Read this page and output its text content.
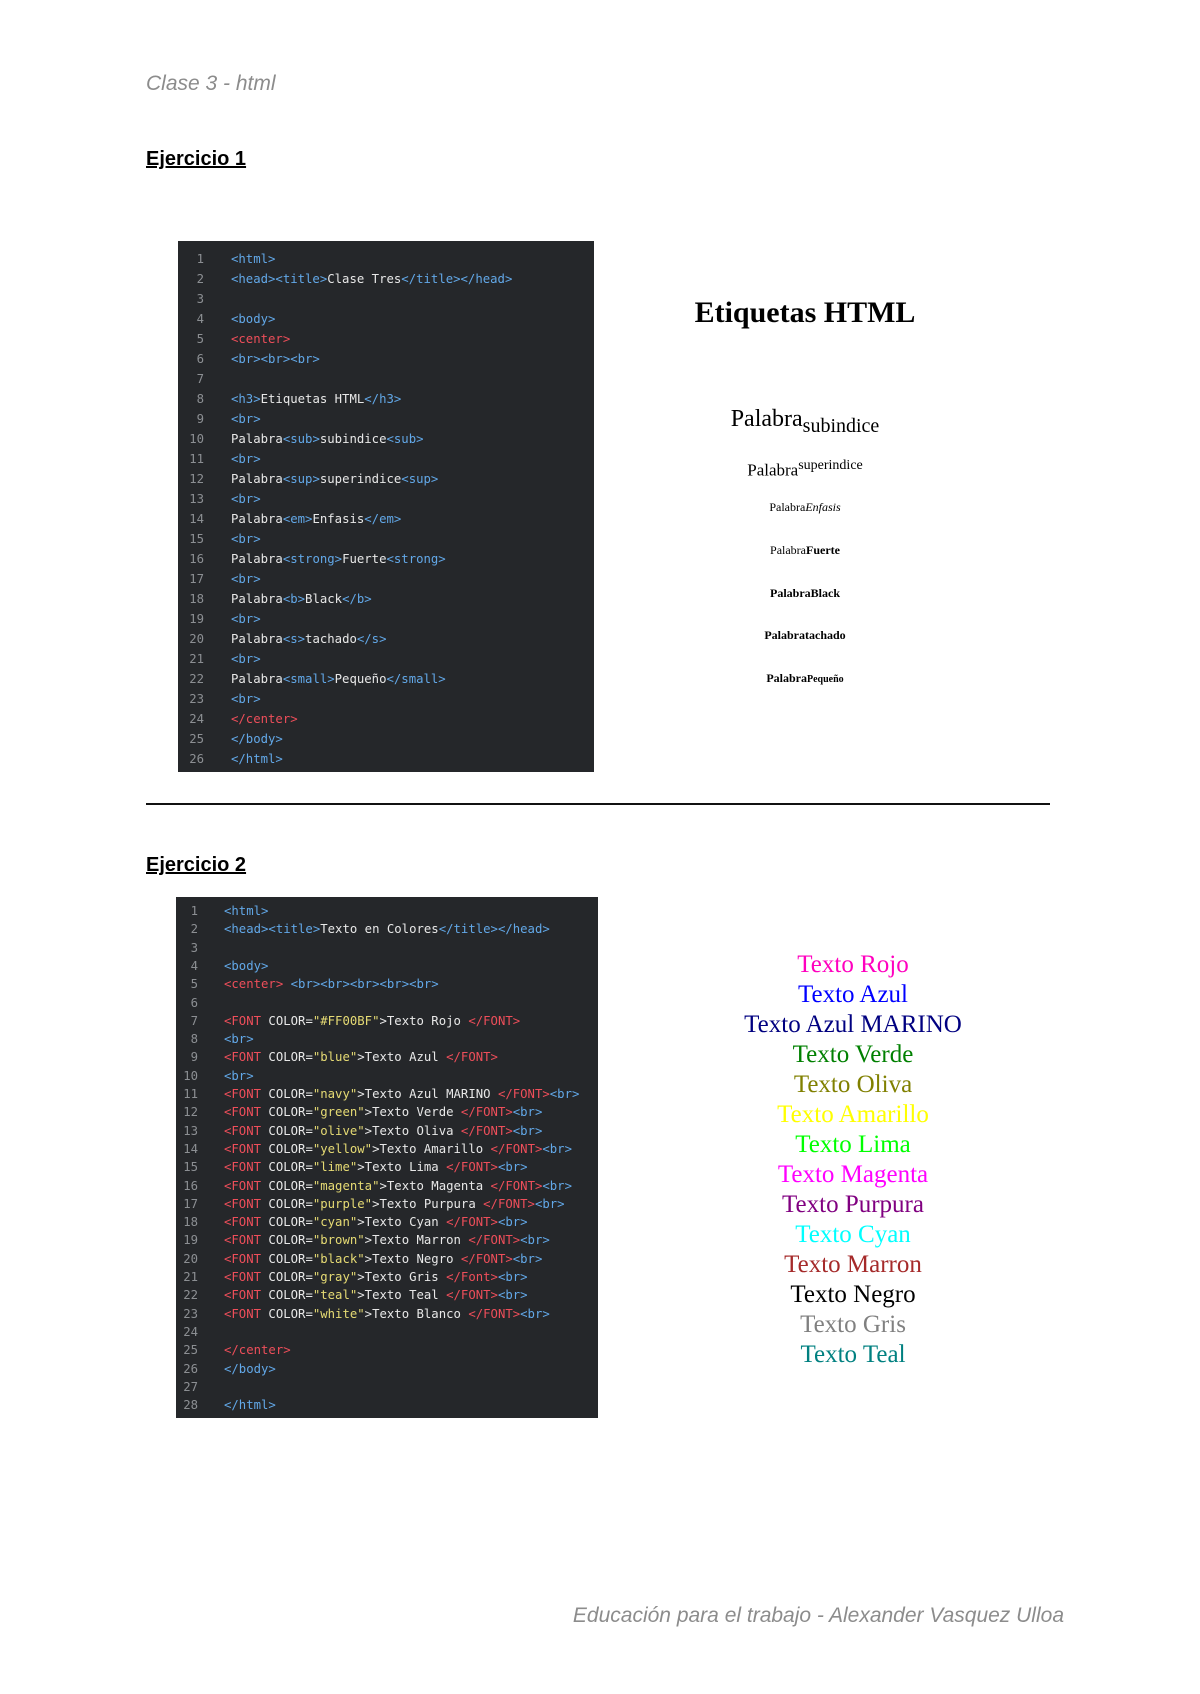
Clase 3 - html
Ejercicio 1
1 <html>
2 <head><title>Clase Tres</title></head>
3
4 <body>
5 <center>
6 <br><br><br>
7
8 <h3>Etiquetas HTML</h3>
9 <br>
10 Palabra<sub>subindice<sub>
11 <br>
12 Palabra<sup>superindice<sup>
13 <br>
14 Palabra<em>Enfasis</em>
15 <br>
16 Palabra<strong>Fuerte<strong>
17 <br>
18 Palabra<b>Black</b>
19 <br>
20 Palabra<s>tachado</s>
21 <br>
22 Palabra<small>Pequeño</small>
23 <br>
24 </center>
25 </body>
26 </html>
Etiquetas HTML
Palabra$_{subindice}$
Palabra$^{superindice}$
PalabraEnfasis
PalabraFuerte
PalabraBlack
Palabratachado
PalabraPequeño
Ejercicio 2
1 <html>
2 <head><title>Texto en Colores</title></head>
3
4 <body>
5 <center> <br><br><br><br><br>
6
7 <FONT COLOR="#FF00BF">Texto Rojo </FONT>
8 <br>
9 <FONT COLOR="blue">Texto Azul </FONT>
10 <br>
11 <FONT COLOR="navy">Texto Azul MARINO </FONT><br>
12 <FONT COLOR="green">Texto Verde </FONT><br>
13 <FONT COLOR="olive">Texto Oliva </FONT><br>
14 <FONT COLOR="yellow">Texto Amarillo </FONT><br>
15 <FONT COLOR="lime">Texto Lima </FONT><br>
16 <FONT COLOR="magenta">Texto Magenta </FONT><br>
17 <FONT COLOR="purple">Texto Purpura </FONT><br>
18 <FONT COLOR="cyan">Texto Cyan </FONT><br>
19 <FONT COLOR="brown">Texto Marron </FONT><br>
20 <FONT COLOR="black">Texto Negro </FONT><br>
21 <FONT COLOR="gray">Texto Gris </Font><br>
22 <FONT COLOR="teal">Texto Teal </FONT><br>
23 <FONT COLOR="white">Texto Blanco </FONT><br>
24
25 </center>
26 </body>
27
28 </html>
Texto Rojo
Texto Azul
Texto Azul MARINO
Texto Verde
Texto Oliva
Texto Amarillo
Texto Lima
Texto Magenta
Texto Purpura
Texto Cyan
Texto Marron
Texto Negro
Texto Gris
Texto Teal
Educación para el trabajo - Alexander Vasquez Ulloa
